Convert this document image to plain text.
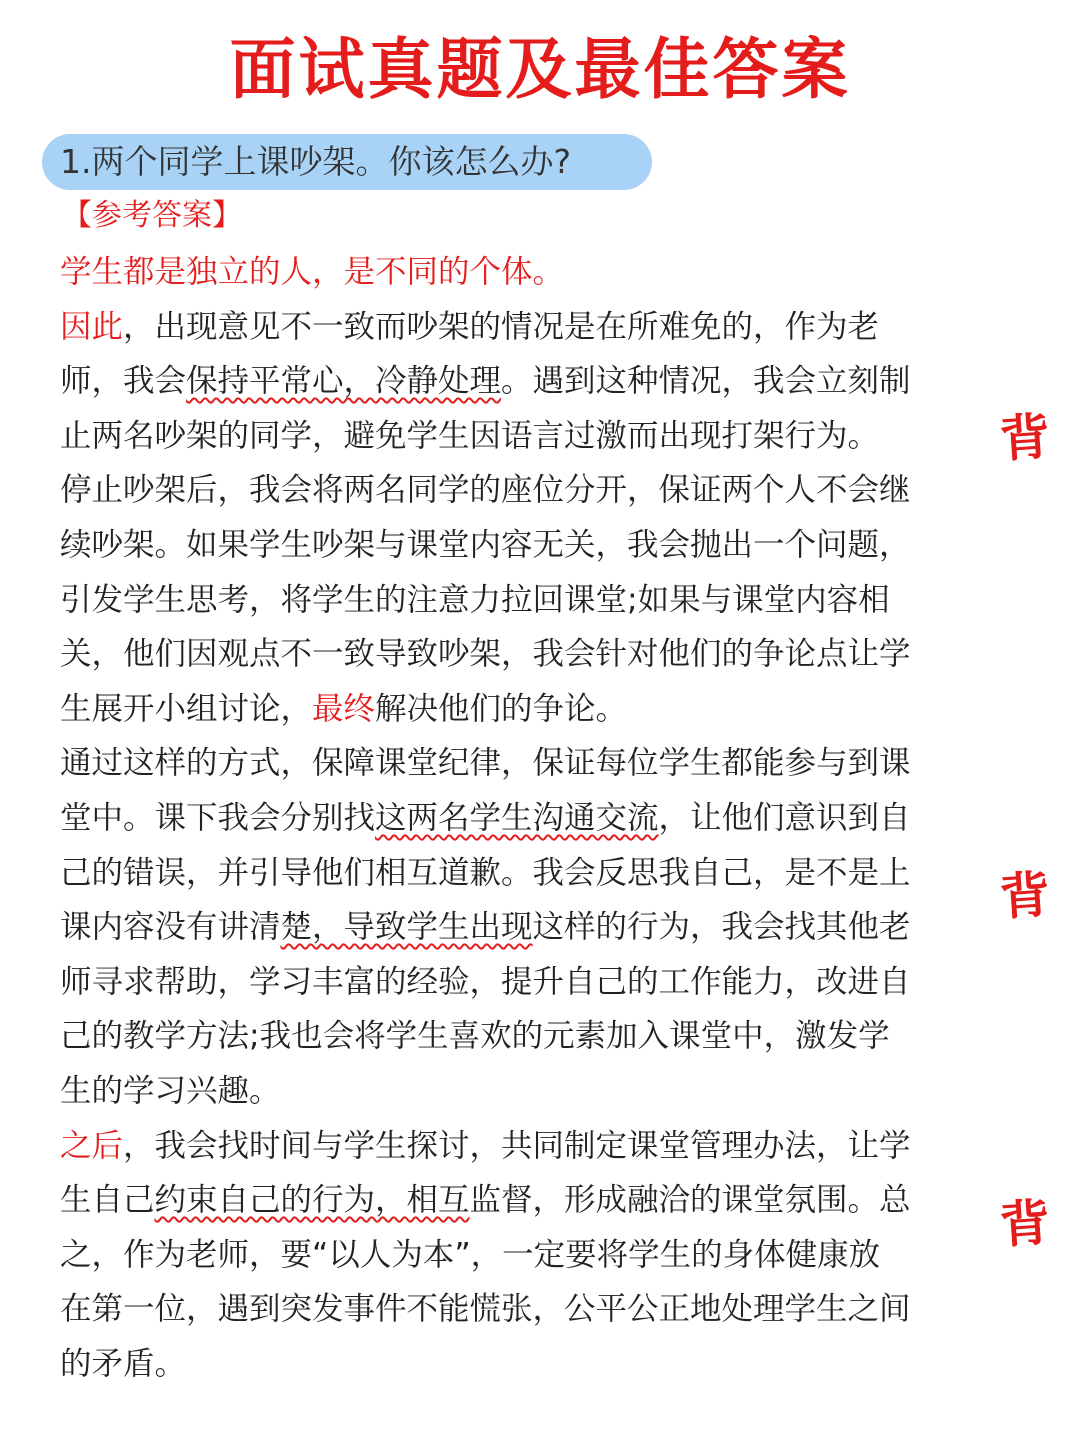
面试真题及最佳答案
1.两个同学上课吵架。你该怎么办?
【参考答案】
学生都是独立的人，是不同的个体。
因此，出现意见不一致而吵架的情况是在所难免的，作为老
师，我会保持平常心，冷静处理。遇到这种情况，我会立刻制
止两名吵架的同学，避免学生因语言过激而出现打架行为。
停止吵架后，我会将两名同学的座位分开，保证两个人不会继
续吵架。如果学生吵架与课堂内容无关，我会抛出一个问题，
引发学生思考，将学生的注意力拉回课堂;如果与课堂内容相
关，他们因观点不一致导致吵架，我会针对他们的争论点让学
生展开小组讨论，最终解决他们的争论。
通过这样的方式，保障课堂纪律，保证每位学生都能参与到课
堂中。课下我会分别找这两名学生沟通交流，让他们意识到自
己的错误，并引导他们相互道歉。我会反思我自己，是不是上
课内容没有讲清楚，导致学生出现这样的行为，我会找其他老
师寻求帮助，学习丰富的经验，提升自己的工作能力，改进自
己的教学方法;我也会将学生喜欢的元素加入课堂中，激发学
生的学习兴趣。
之后，我会找时间与学生探讨，共同制定课堂管理办法，让学
生自己约束自己的行为，相互监督，形成融洽的课堂氛围。总
之，作为老师，要“以人为本”，一定要将学生的身体健康放
在第一位，遇到突发事件不能慌张，公平公正地处理学生之间
的矛盾。
背
背
背
